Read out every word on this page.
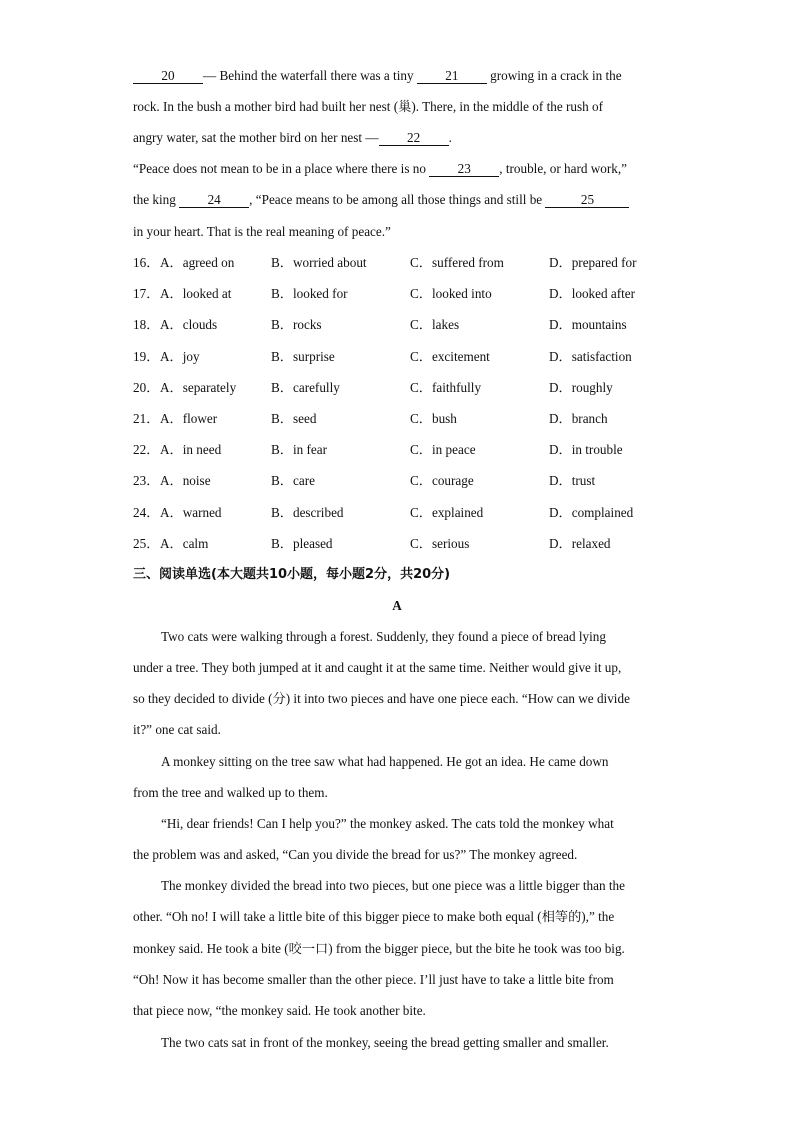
20 — Behind the waterfall there was a tiny 21 growing in a crack in the
rock. In the bush a mother bird had built her nest (巢). There, in the middle of the rush of
angry water, sat the mother bird on her nest — 22 .
“Peace does not mean to be in a place where there is no 23 , trouble, or hard work,”
the king 24 , “Peace means to be among all those things and still be	25
in your heart. That is the real meaning of peace.”
16． A．agreed on	B．worried about	C．suffered from	D．prepared for
17． A．looked at	B．looked for	C．looked into	D．looked after
18． A．clouds	B．rocks	C．lakes	D．mountains
19． A．joy	B．surprise	C．excitement	D．satisfaction
20． A．separately	B．carefully	C．faithfully	D．roughly
21． A．flower	B．seed	C．bush	D．branch
22． A．in need	B．in fear	C．in peace	D．in trouble
23． A．noise	B．care	C．courage	D．trust
24． A．warned	B．described	C．explained	D．complained
25． A．calm	B．pleased	C．serious	D．relaxed
三、阅读单选(本大题共10小题，每小题2分，共20分)
A
Two cats were walking through a forest. Suddenly, they found a piece of bread lying
under a tree. They both jumped at it and caught it at the same time. Neither would give it up,
so they decided to divide (分) it into two pieces and have one piece each. “How can we divide
it?” one cat said.
A monkey sitting on the tree saw what had happened. He got an idea. He came down
from the tree and walked up to them.
“Hi, dear friends! Can I help you?” the monkey asked. The cats told the monkey what
the problem was and asked, “Can you divide the bread for us?” The monkey agreed.
The monkey divided the bread into two pieces, but one piece was a little bigger than the
other. “Oh no! I will take a little bite of this bigger piece to make both equal (相等的),” the
monkey said. He took a bite (咬一口) from the bigger piece, but the bite he took was too big.
“Oh! Now it has become smaller than the other piece. I’ll just have to take a little bite from
that piece now, “the monkey said. He took another bite.
The two cats sat in front of the monkey, seeing the bread getting smaller and smaller.
